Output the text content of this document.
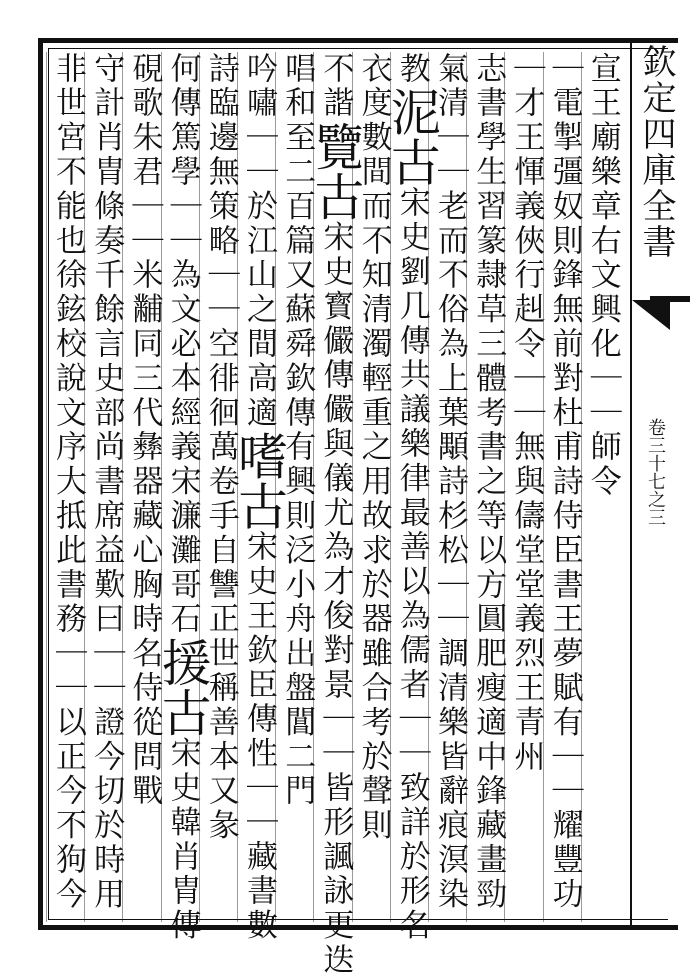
欽定四庫全書
卷三十七之三
宣王廟樂章右文興化｜｜師令
｜電掣彊奴則鋒無前對杜甫詩侍臣書王夢賦有｜｜耀豐功
｜才王惲義俠行赳令｜｜無與儔堂堂義烈王青州
志書學生習篆隷草三體考書之等以方圓肥瘦適中鋒藏畫勁
氣清｜｜老而不俗為上葉顒詩杉松｜｜調清樂皆辭痕溟染
教泥古宋史劉几傳共議樂律最善以為儒者｜｜致詳於形名
衣度數間而不知清濁輕重之用故求於器雖合考於聲則
不諧覽古宋史寳儼傳儼與儀尤為才俊對景｜｜皆形諷詠更迭
唱和至二百篇又蘇舜欽傳有興則泛小舟出盤閶二門
吟嘯｜｜於江山之間高適嗜古宋史王欽臣傳性｜｜藏書數
詩臨邊無策略｜｜空徘徊萬卷手自讐正世稱善本又彖
何傳篤學｜｜為文必本經義宋濂灘哥石援古宋史韓肖胄傳
硯歌朱君｜｜米黼同三代彝器藏心胸時名侍從問戰
守計肖胄條奏千餘言史部尚書席益歎曰｜｜證今切於時用
非世宮不能也徐鉉校說文序大抵此書務｜｜以正今不狗今
